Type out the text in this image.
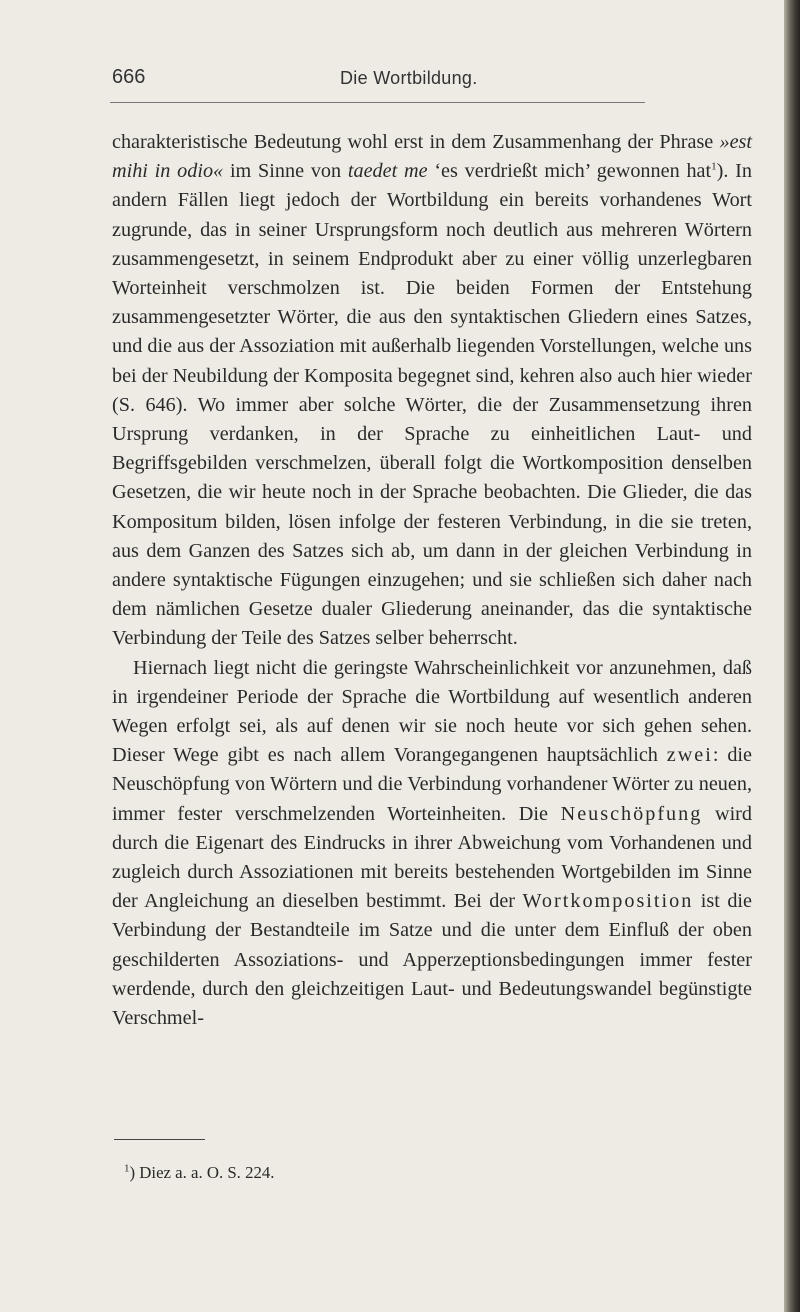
666	Die Wortbildung.

charakteristische Bedeutung wohl erst in dem Zusammenhang der Phrase »est mihi in odio« im Sinne von taedet me ‘es verdrießt mich’ gewonnen hat$^1$). In andern Fällen liegt jedoch der Wortbildung ein bereits vorhandenes Wort zugrunde, das in seiner Ursprungsform noch deutlich aus mehreren Wörtern zusammengesetzt, in seinem Endprodukt aber zu einer völlig unzerlegbaren Worteinheit verschmolzen ist. Die beiden Formen der Entstehung zusammengesetzter Wörter, die aus den syntaktischen Gliedern eines Satzes, und die aus der Assoziation mit außerhalb liegenden Vorstellungen, welche uns bei der Neubildung der Komposita begegnet sind, kehren also auch hier wieder (S. 646). Wo immer aber solche Wörter, die der Zusammensetzung ihren Ursprung verdanken, in der Sprache zu einheitlichen Laut- und Begriffsgebilden verschmelzen, überall folgt die Wortkomposition denselben Gesetzen, die wir heute noch in der Sprache beobachten. Die Glieder, die das Kompositum bilden, lösen infolge der festeren Verbindung, in die sie treten, aus dem Ganzen des Satzes sich ab, um dann in der gleichen Verbindung in andere syntaktische Fügungen einzugehen; und sie schließen sich daher nach dem nämlichen Gesetze dualer Gliederung aneinander, das die syntaktische Verbindung der Teile des Satzes selber beherrscht.

Hiernach liegt nicht die geringste Wahrscheinlichkeit vor anzunehmen, daß in irgendeiner Periode der Sprache die Wortbildung auf wesentlich anderen Wegen erfolgt sei, als auf denen wir sie noch heute vor sich gehen sehen. Dieser Wege gibt es nach allem Vorangegangenen hauptsächlich zwei: die Neuschöpfung von Wörtern und die Verbindung vorhandener Wörter zu neuen, immer fester verschmelzenden Worteinheiten. Die Neuschöpfung wird durch die Eigenart des Eindrucks in ihrer Abweichung vom Vorhandenen und zugleich durch Assoziationen mit bereits bestehenden Wortgebilden im Sinne der Angleichung an dieselben bestimmt. Bei der Wortkomposition ist die Verbindung der Bestandteile im Satze und die unter dem Einfluß der oben geschilderten Assoziations- und Apperzeptionsbedingungen immer fester werdende, durch den gleichzeitigen Laut- und Bedeutungswandel begünstigte Verschmel-

$^1$) Diez a. a. O. S. 224.
